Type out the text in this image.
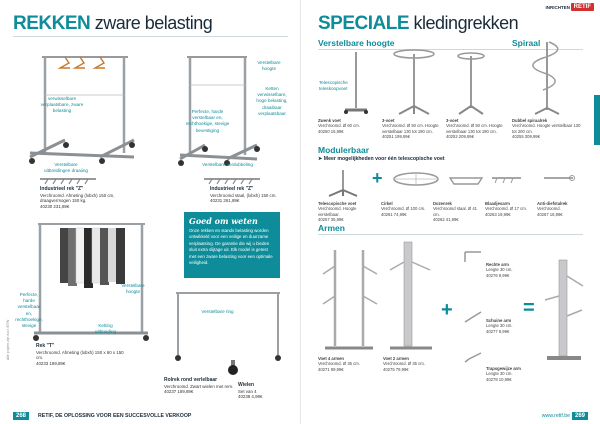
REKKEN zware belasting
verwisselbare verplaatsbare, zware belasting	Perfecte, harde verstelbaar en, rechthoekige, stevige bevestiging
Verstelbare hoogte
Ketten verwisselbare, hoge belasting, draaibaar verplaatsbaar
Verstelbare uitbreidingen draaiing
Verstelbare verdubbeling
Industrieel rek "Z"
Verchroomd. Afmeting (lxbxh) 150 cm, draagvermogen 150 kg.
40230 231,89€
Industrieel rek "Z"
Verchroomd staal, (lxbxh) 150 cm.
40231 261,89€
Perfecte, harde verstelbaar en, rechthoekige, stevige
Verstelbare hoogte
Ketting uitbreiding
Rek "T"
Verchroomd. Afmeting (lxbxh) 150 x 60 x 150 cm.
40233 189,89€
Goed om weten
Onze rekken en stands belasting worden ontwikkeld voor een veilige en duurzame verplaatsing. De garantie die wij u bieden sluit extra slijtage uit. Elk model is getest met een zware belasting voor een optimale veiligheid.
Verstelbare ring
Rolrek rond verlelbaar
Verchroomd. Zwart wielen met rem.
40237 189,89€
Wielen
Set van 4
40238 4,99€
Alle prijzen zijn excl. BTW
268	RETIF, DE OPLOSSING VOOR EEN SUCCESVOLLE VERKOOP
INRICHTEN RETIF
SPECIALE kledingrekken
Verstelbare hoogte	Spiraal
Telescopische teleskoopvoet
Zwenk voet
Verchroomd. Ø 60 cm.
40250 16,99€
3-voet
Verchroomd. Ø 50 cm. Hoogte verstelbaar 130 tot 190 cm.
40251 199,99€
3-voet
Verchroomd. Ø 50 cm. Hoogte verstelbaar 130 tot 190 cm.
40252 209,99€
Dubbel spiraalrek
Verchroomd. Hoogte verstelbaar 130 tot 200 cm.
40255 309,99€
Modulerbaar
➤ Meer mogelijkheden voor één telescopische voet
+
Telescopische voet
Verchroomd. Hoogte verstelbaar.
40257 35,99€
Cirkel
Verchroomd. Ø 100 cm.
40261 74,99€
Dozenrek
Verchroomd staal. Ø 41 cm.
40262 41,99€
Blaadjesarm
Verchroomd. Ø 17 cm.
40263 19,99€
Anti-diefstalrek
Verchroomd.
40267 16,99€
Armen
+
Rechte arm
Lengte 30 cm.
40276 9,99€
Schuine arm
Lengte 30 cm.
40277 9,99€
=
Voet 4 armen
Verchroomd. Ø 35 cm.
40271 99,99€
Voet 2 armen
Verchroomd. Ø 35 cm.
40275 79,99€	Trapsgewijze arm
Lengte 30 cm.
40278 10,99€
www.retif.be 269
